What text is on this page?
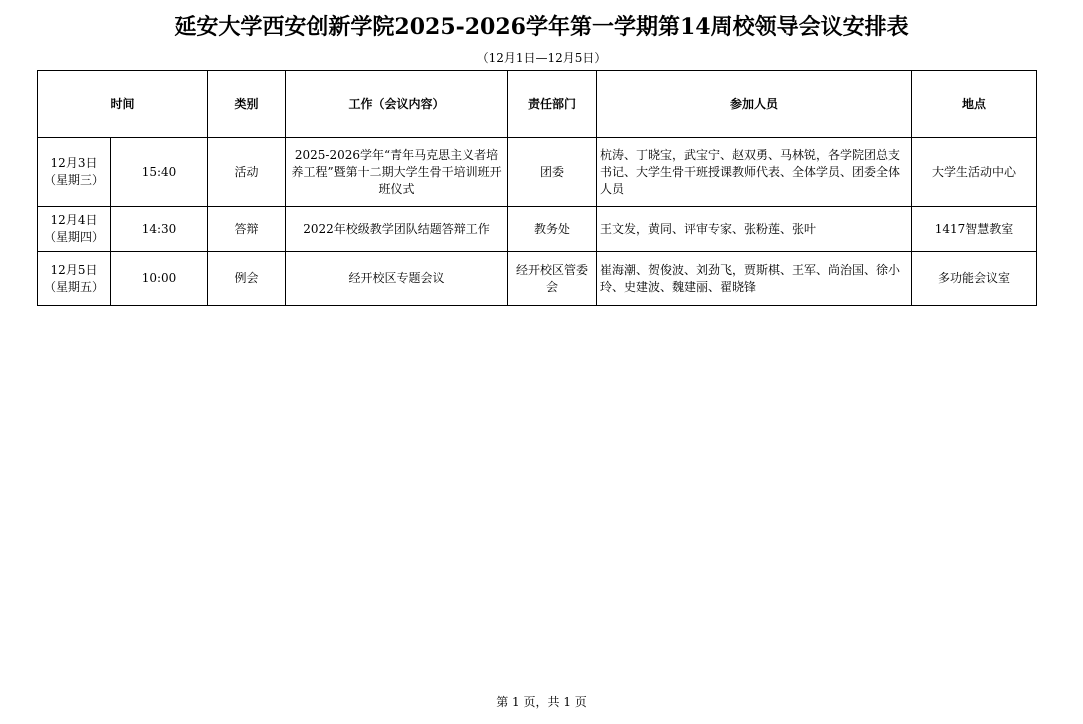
延安大学西安创新学院2025-2026学年第一学期第14周校领导会议安排表
（12月1日—12月5日）
时间		类别	工作（会议内容）	责任部门	参加人员	地点

12月3日
（星期三）	15:40	活动	2025-2026学年“青年马克思主义者培养工程”暨第十二期大学生骨干培训班开班仪式	团委	杭涛、丁晓宝，武宝宁、赵双勇、马林锐，各学院团总支书记、大学生骨干班授课教师代表、全体学员、团委全体人员	大学生活动中心

12月4日
（星期四）	14:30	答辩	2022年校级教学团队结题答辩工作	教务处	王文发，黄同、评审专家、张粉莲、张叶	1417智慧教室

12月5日
（星期五）	10:00	例会	经开校区专题会议	经开校区管委会	崔海潮、贺俊波、刘劲飞，贾斯棋、王军、尚治国、徐小玲、史建波、魏建丽、翟晓锋	多功能会议室
第 1 页，共 1 页
